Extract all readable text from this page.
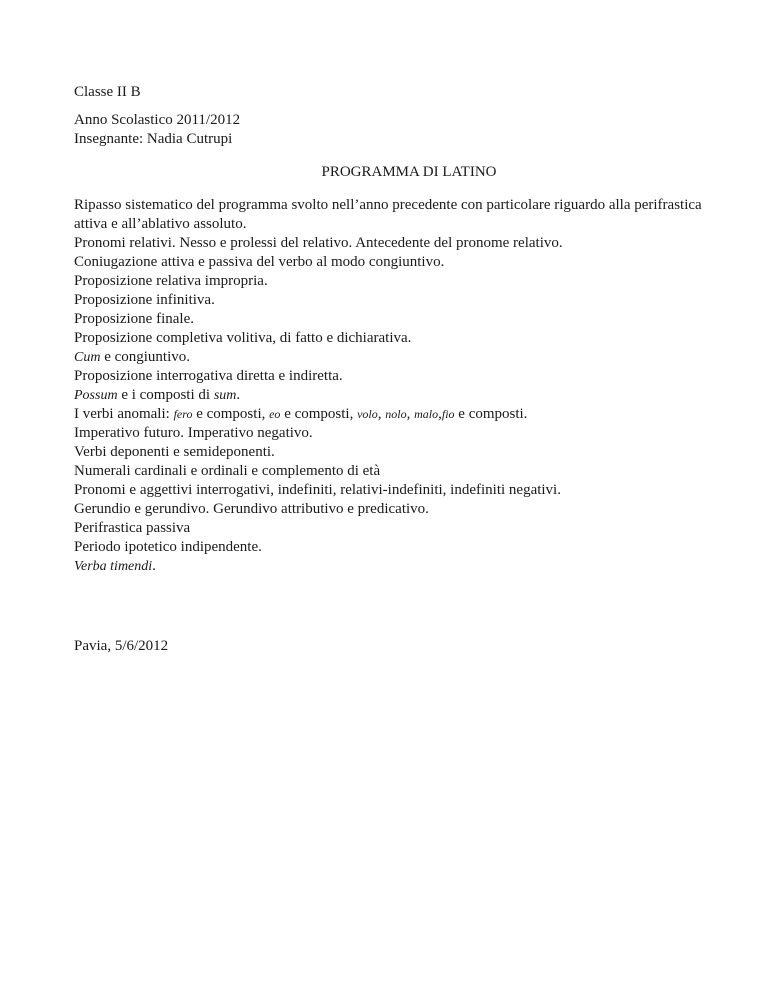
Classe II B
Anno Scolastico 2011/2012
Insegnante: Nadia Cutrupi
PROGRAMMA DI LATINO
Ripasso sistematico del programma svolto nell’anno precedente con particolare riguardo alla perifrastica attiva e all’ablativo assoluto.
Pronomi relativi. Nesso e prolessi del relativo. Antecedente del pronome relativo.
Coniugazione attiva e passiva del verbo al modo congiuntivo.
Proposizione relativa impropria.
Proposizione infinitiva.
Proposizione finale.
Proposizione completiva volitiva, di fatto e dichiarativa.
Cum e congiuntivo.
Proposizione interrogativa diretta e indiretta.
Possum e i composti di sum.
I verbi anomali: fero e composti, eo e composti, volo, nolo, malo,fio e composti.
Imperativo futuro. Imperativo negativo.
Verbi deponenti e semideponenti.
Numerali cardinali e ordinali e complemento di età
Pronomi e aggettivi interrogativi, indefiniti, relativi-indefiniti, indefiniti negativi.
Gerundio e gerundivo. Gerundivo attributivo e predicativo.
Perifrastica passiva
Periodo ipotetico indipendente.
Verba timendi.
Pavia, 5/6/2012
